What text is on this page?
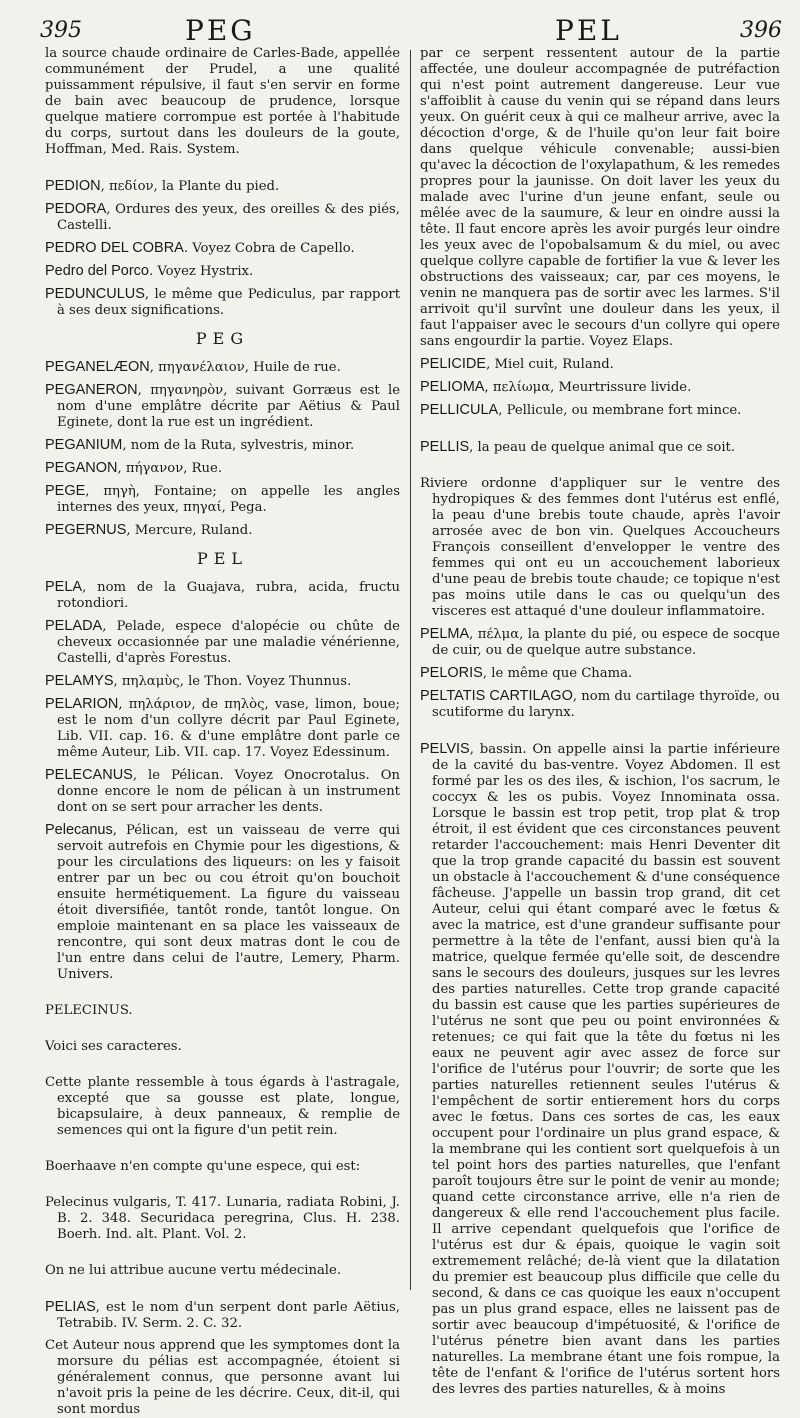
395	PEG	PEL	396

la source chaude ordinaire de Carles-Bade, appellée communément der Prudel, a une qualité puissamment répulsive, il faut s'en servir en forme de bain avec beaucoup de prudence, lorsque quelque matiere corrompue est portée à l'habitude du corps, surtout dans les douleurs de la goute, Hoffman, Med. Rais. System.

PEDION, πεδίον, la Plante du pied.

PEDORA, Ordures des yeux, des oreilles & des piés, Castelli.

PEDRO DEL COBRA. Voyez Cobra de Capello.

Pedro del Porco. Voyez Hystrix.

PEDUNCULUS, le même que Pediculus, par rapport à ses deux significations.

PEG

PEGANELÆON, πηγανέλαιον, Huile de rue.

PEGANERON, πηγανηρὸν, suivant Gorræus est le nom d'une emplâtre décrite par Aëtius & Paul Eginete, dont la rue est un ingrédient.

PEGANIUM, nom de la Ruta, sylvestris, minor.

PEGANON, πήγανον, Rue.

PEGE, πηγὴ, Fontaine; on appelle les angles internes des yeux, πηγαί, Pega.

PEGERNUS, Mercure, Ruland.

PEL

PELA, nom de la Guajava, rubra, acida, fructu rotondiori.

PELADA, Pelade, espece d'alopécie ou chûte de cheveux occasionnée par une maladie vénérienne, Castelli, d'après Forestus.

PELAMYS, πηλαμὺς, le Thon. Voyez Thunnus.

PELARION, πηλάριον, de πηλὸς, vase, limon, boue; est le nom d'un collyre décrit par Paul Eginete, Lib. VII. cap. 16. & d'une emplâtre dont parle ce même Auteur, Lib. VII. cap. 17. Voyez Edessinum.

PELECANUS, le Pélican. Voyez Onocrotalus. On donne encore le nom de pélican à un instrument dont on se sert pour arracher les dents.

Pelecanus, Pélican, est un vaisseau de verre qui servoit autrefois en Chymie pour les digestions, & pour les circulations des liqueurs: on les y faisoit entrer par un bec ou cou étroit qu'on bouchoit ensuite hermétiquement. La figure du vaisseau étoit diversifiée, tantôt ronde, tantôt longue. On emploie maintenant en sa place les vaisseaux de rencontre, qui sont deux matras dont le cou de l'un entre dans celui de l'autre, Lemery, Pharm. Univers.

PELECINUS.

Voici ses caracteres.

Cette plante ressemble à tous égards à l'astragale, excepté que sa gousse est plate, longue, bicapsulaire, à deux panneaux, & remplie de semences qui ont la figure d'un petit rein.

Boerhaave n'en compte qu'une espece, qui est:

Pelecinus vulgaris, T. 417. Lunaria, radiata Robini, J. B. 2. 348. Securidaca peregrina, Clus. H. 238. Boerh. Ind. alt. Plant. Vol. 2.

On ne lui attribue aucune vertu médecinale.

PELIAS, est le nom d'un serpent dont parle Aëtius, Tetrabib. IV. Serm. 2. C. 32.

Cet Auteur nous apprend que les symptomes dont la morsure du pélias est accompagnée, étoient si généralement connus, que personne avant lui n'avoit pris la peine de les décrire. Ceux, dit-il, qui sont mordus

par ce serpent ressentent autour de la partie affectée, une douleur accompagnée de putréfaction qui n'est point autrement dangereuse. Leur vue s'affoiblit à cause du venin qui se répand dans leurs yeux. On guérit ceux à qui ce malheur arrive, avec la décoction d'orge, & de l'huile qu'on leur fait boire dans quelque véhicule convenable; aussi-bien qu'avec la décoction de l'oxylapathum, & les remedes propres pour la jaunisse. On doit laver les yeux du malade avec l'urine d'un jeune enfant, seule ou mêlée avec de la saumure, & leur en oindre aussi la tête. Il faut encore après les avoir purgés leur oindre les yeux avec de l'opobalsamum & du miel, ou avec quelque collyre capable de fortifier la vue & lever les obstructions des vaisseaux; car, par ces moyens, le venin ne manquera pas de sortir avec les larmes. S'il arrivoit qu'il survînt une douleur dans les yeux, il faut l'appaiser avec le secours d'un collyre qui opere sans engourdir la partie. Voyez Elaps.

PELICIDE, Miel cuit, Ruland.

PELIOMA, πελίωμα, Meurtrissure livide.

PELLICULA, Pellicule, ou membrane fort mince.

PELLIS, la peau de quelque animal que ce soit.

Riviere ordonne d'appliquer sur le ventre des hydropiques & des femmes dont l'utérus est enflé, la peau d'une brebis toute chaude, après l'avoir arrosée avec de bon vin. Quelques Accoucheurs François conseillent d'envelopper le ventre des femmes qui ont eu un accouchement laborieux d'une peau de brebis toute chaude; ce topique n'est pas moins utile dans le cas ou quelqu'un des visceres est attaqué d'une douleur inflammatoire.

PELMA, πέλμα, la plante du pié, ou espece de socque de cuir, ou de quelque autre substance.

PELORIS, le même que Chama.

PELTATIS CARTILAGO, nom du cartilage thyroïde, ou scutiforme du larynx.

PELVIS, bassin. On appelle ainsi la partie inférieure de la cavité du bas-ventre. Voyez Abdomen. Il est formé par les os des iles, & ischion, l'os sacrum, le coccyx & les os pubis. Voyez Innominata ossa. Lorsque le bassin est trop petit, trop plat & trop étroit, il est évident que ces circonstances peuvent retarder l'accouchement: mais Henri Deventer dit que la trop grande capacité du bassin est souvent un obstacle à l'accouchement & d'une conséquence fâcheuse. J'appelle un bassin trop grand, dit cet Auteur, celui qui étant comparé avec le fœtus & avec la matrice, est d'une grandeur suffisante pour permettre à la tête de l'enfant, aussi bien qu'à la matrice, quelque fermée qu'elle soit, de descendre sans le secours des douleurs, jusques sur les levres des parties naturelles. Cette trop grande capacité du bassin est cause que les parties supérieures de l'utérus ne sont que peu ou point environnées & retenues; ce qui fait que la tête du fœtus ni les eaux ne peuvent agir avec assez de force sur l'orifice de l'utérus pour l'ouvrir; de sorte que les parties naturelles retiennent seules l'utérus & l'empêchent de sortir entierement hors du corps avec le fœtus. Dans ces sortes de cas, les eaux occupent pour l'ordinaire un plus grand espace, & la membrane qui les contient sort quelquefois à un tel point hors des parties naturelles, que l'enfant paroît toujours être sur le point de venir au monde; quand cette circonstance arrive, elle n'a rien de dangereux & elle rend l'accouchement plus facile. Il arrive cependant quelquefois que l'orifice de l'utérus est dur & épais, quoique le vagin soit extremement relâché; de-là vient que la dilatation du premier est beaucoup plus difficile que celle du second, & dans ce cas quoique les eaux n'occupent pas un plus grand espace, elles ne laissent pas de sortir avec beaucoup d'impétuosité, & l'orifice de l'utérus pénetre bien avant dans les parties naturelles. La membrane étant une fois rompue, la tête de l'enfant & l'orifice de l'utérus sortent hors des levres des parties naturelles, & à moins
